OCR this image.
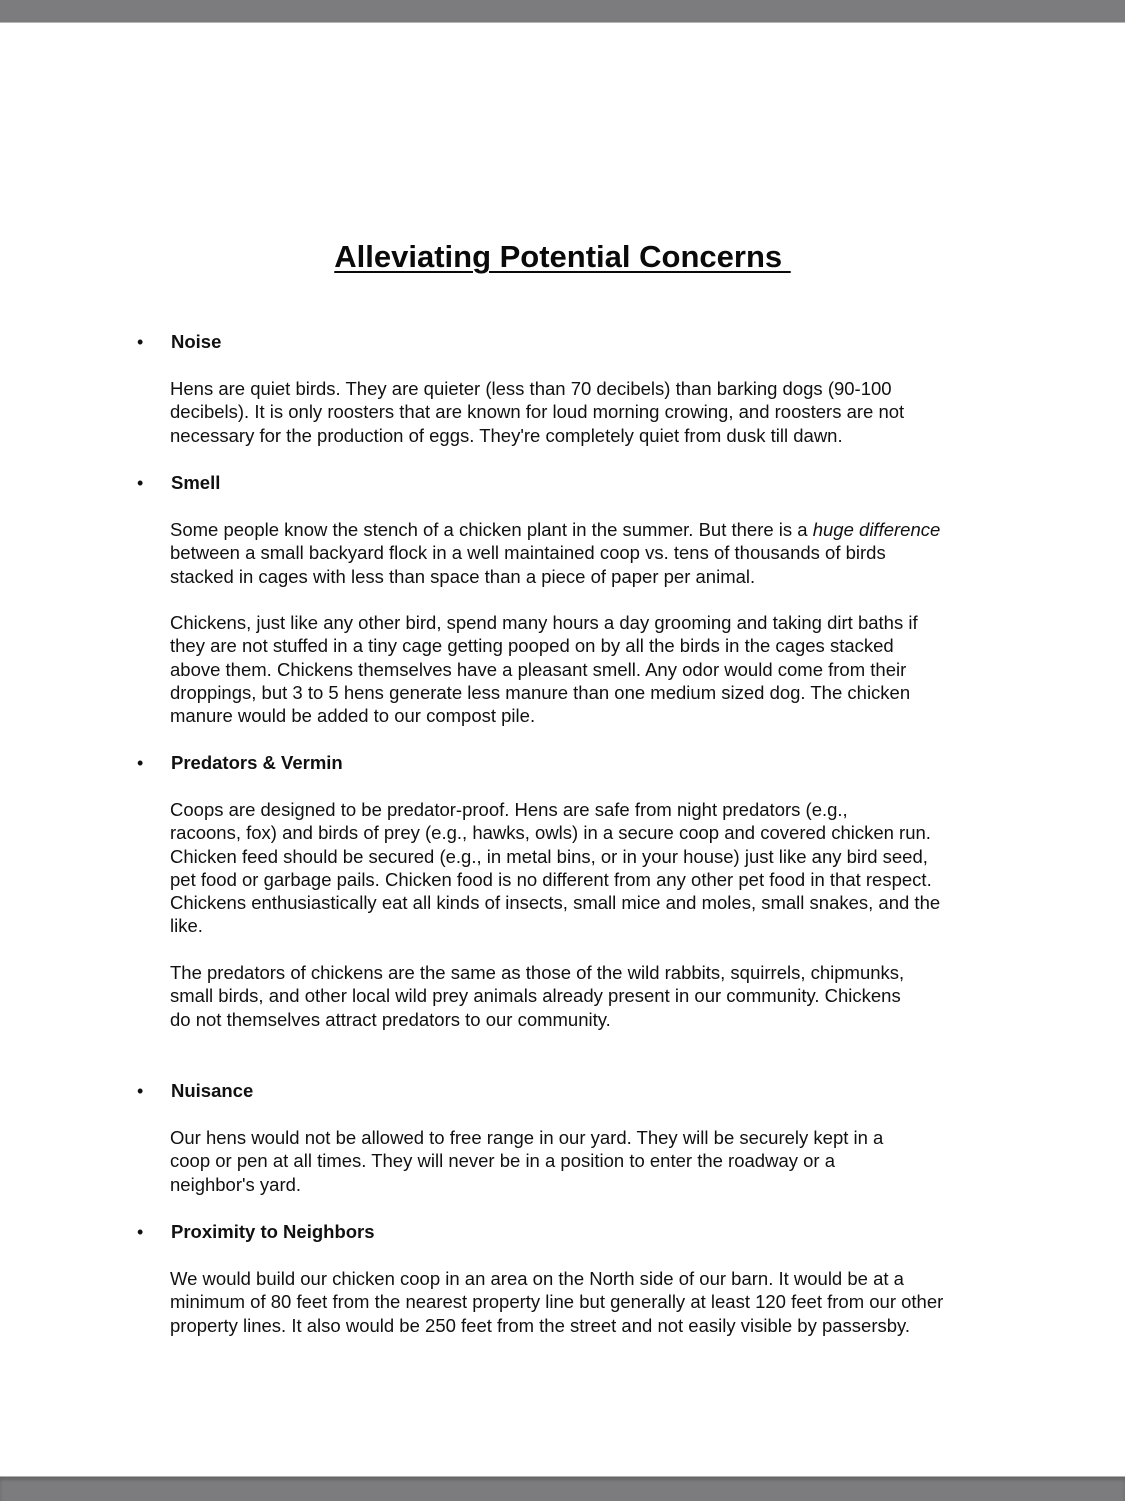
Alleviating Potential Concerns
• Noise
Hens are quiet birds. They are quieter (less than 70 decibels) than barking dogs (90-100
decibels). It is only roosters that are known for loud morning crowing, and roosters are not
necessary for the production of eggs. They're completely quiet from dusk till dawn.
• Smell
Some people know the stench of a chicken plant in the summer. But there is a huge difference
between a small backyard flock in a well maintained coop vs. tens of thousands of birds
stacked in cages with less than space than a piece of paper per animal.
Chickens, just like any other bird, spend many hours a day grooming and taking dirt baths if
they are not stuffed in a tiny cage getting pooped on by all the birds in the cages stacked
above them. Chickens themselves have a pleasant smell. Any odor would come from their
droppings, but 3 to 5 hens generate less manure than one medium sized dog. The chicken
manure would be added to our compost pile.
• Predators & Vermin
Coops are designed to be predator-proof. Hens are safe from night predators (e.g.,
racoons, fox) and birds of prey (e.g., hawks, owls) in a secure coop and covered chicken run.
Chicken feed should be secured (e.g., in metal bins, or in your house) just like any bird seed,
pet food or garbage pails. Chicken food is no different from any other pet food in that respect.
Chickens enthusiastically eat all kinds of insects, small mice and moles, small snakes, and the
like.
The predators of chickens are the same as those of the wild rabbits, squirrels, chipmunks,
small birds, and other local wild prey animals already present in our community. Chickens
do not themselves attract predators to our community.
• Nuisance
Our hens would not be allowed to free range in our yard. They will be securely kept in a
coop or pen at all times. They will never be in a position to enter the roadway or a
neighbor's yard.
• Proximity to Neighbors
We would build our chicken coop in an area on the North side of our barn. It would be at a
minimum of 80 feet from the nearest property line but generally at least 120 feet from our other
property lines. It also would be 250 feet from the street and not easily visible by passersby.
